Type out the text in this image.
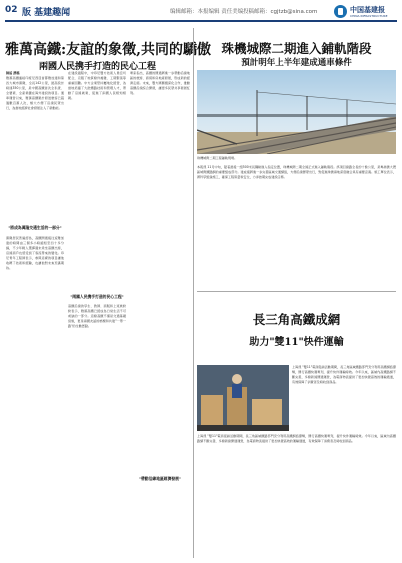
02 版 基建趣闻	编辑邮箱：本报编辑 责任美编 投稿邮箱：cgjtzb@sina.com	中国基建报
CHINA INFRASTRUCTURE
雅萬高鐵:友誼的象徵,共同的驕傲
兩國人民携手打造的民心工程
陳娟 撰稿
雅萬高鐵連接印度尼西亞首都雅加達和第四大城市萬隆，全長142公里，最高設計時速350公里，是中國高鐵首次全系統、全要素、全產業鏈在海外建設的項目。通車運營以來，雅萬高鐵累計發送旅客已超過數百萬人次，極大方便了沿線民眾出行，為當地經濟社會發展注入了新動能。
"將成為萬隆交通生活的一部分"
萬隆居民普遍認為，高鐵開通後往返雅加達的時間由三個多小時縮短至四十多分鐘，不少年輕人選擇週末乘坐高鐵出遊，沿線商戶也感受到了客流帶來的變化。印尼青年工程師表示，參與這樣的項目讓他收穫了技術和經驗，也讓他對未來充滿期待。
在建設過程中，中印尼雙方技術人員密切配合，克服了地質條件複雜、工期緊張等重重困難。中方企業堅持屬地化經營，為當地培養了大批鐵路技術和管理人才，帶動了沿線就業，促進了兩國人民相知相親。
"兩國人民携手打造的民心工程"
高鐵沿線的學生、教師、商販和上班族紛紛表示，雅萬高鐵已經成為日常生活不可或缺的一部分。這條高鐵不僅是交通基礎設施，更是兩國友誼的橋樑和共建"一帶一路"的生動實踐。
專家指出，高鐵的開通將進一步帶動沿線地區的旅遊、商貿和房地產發展，形成新的經濟走廊。未來，雙方將繼續深化合作，推動高鐵沿線綜合開發，讓更多民眾共享發展紅利。
"帶動沿線地區經濟發展"
珠機城際二期進入鋪軌階段
預計明年上半年建成通車條件
珠機城際二期工程鋪軌現場。
本報訊 11月中旬，隨着最後一組500米長鋼軌進入指定位置，珠機城際二期全線正式進入鋪軌階段。該項目線路全長約十餘公里，是粵港澳大灣區城際鐵路網的重要組成部分。建成後將進一步完善區域交通網絡，方便沿線群眾出行，對促進珠澳兩地深度融合具有重要意義。施工單位表示，將科學組織施工，確保工程質量和安全，力爭按期完成建設任務。
長三角高鐵成網
助力"雙11"快件運輸
上海訊 "雙11"電商促銷活動期間，長三角區域鐵路部門充分利用高鐵網絡優勢，開行高鐵快運專列，提升快件運輸時效。今年以來，區域內高鐵路網不斷完善，多條新線開通運營，為電商物流提供了更加快捷高效的運輸通道，有效保障了消費者及時收到商品。
上海訊 "雙11"電商促銷活動期間，長三角區域鐵路部門充分利用高鐵網絡優勢，開行高鐵快運專列，提升快件運輸時效。今年以來，區域內高鐵路網不斷完善，多條新線開通運營，為電商物流提供了更加快捷高效的運輸通道，有效保障了消費者及時收到商品。
